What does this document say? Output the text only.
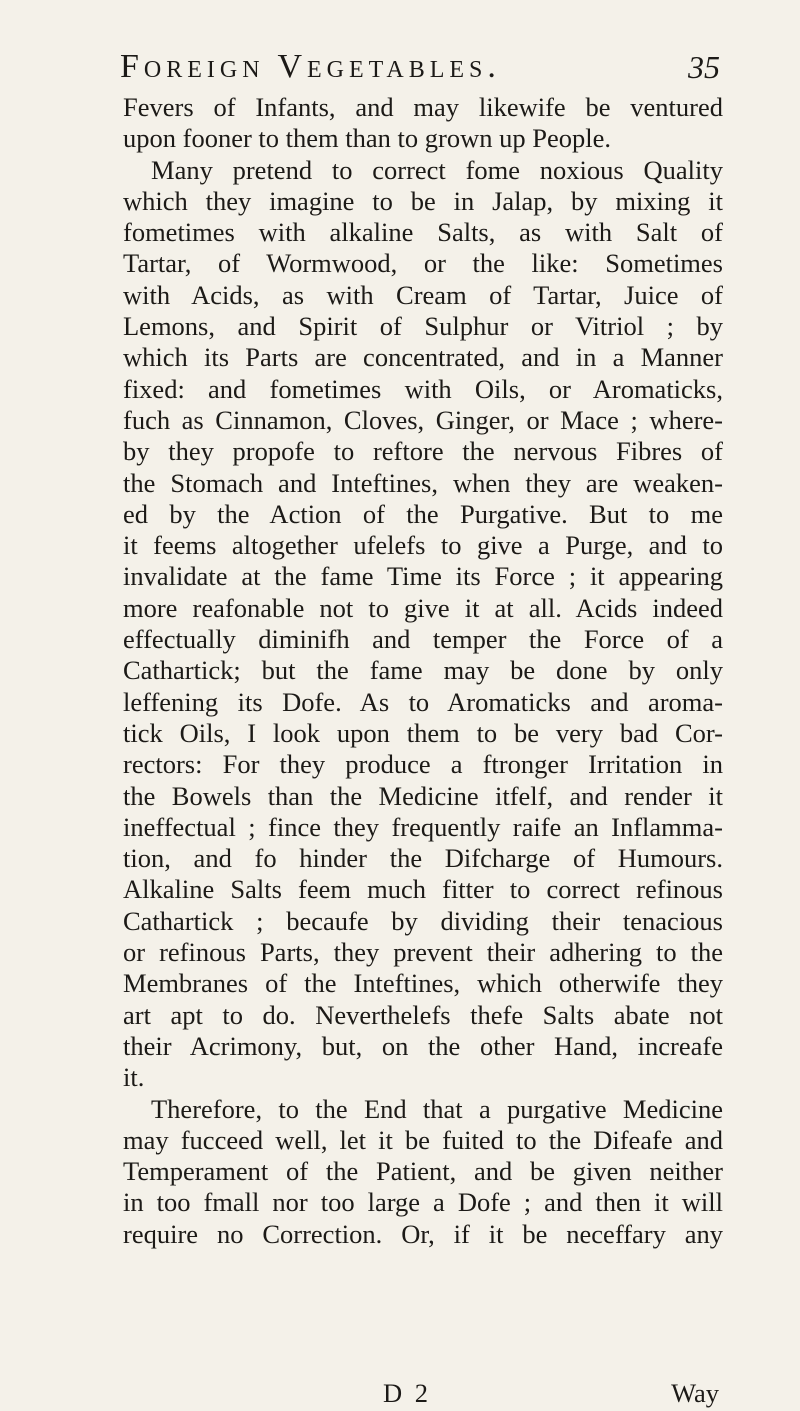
Foreign Vegetables.	35
Fevers of Infants, and may likewife be ventured
upon fooner to them than to grown up People.
Many pretend to correct fome noxious Quality
which they imagine to be in Jalap, by mixing it
fometimes with alkaline Salts, as with Salt of
Tartar, of Wormwood, or the like: Sometimes
with Acids, as with Cream of Tartar, Juice of
Lemons, and Spirit of Sulphur or Vitriol ; by
which its Parts are concentrated, and in a Manner
fixed: and fometimes with Oils, or Aromaticks,
fuch as Cinnamon, Cloves, Ginger, or Mace ; where-
by they propofe to reftore the nervous Fibres of
the Stomach and Inteftines, when they are weaken-
ed by the Action of the Purgative. But to me
it feems altogether ufelefs to give a Purge, and to
invalidate at the fame Time its Force ; it appearing
more reafonable not to give it at all. Acids indeed
effectually diminifh and temper the Force of a
Cathartick; but the fame may be done by only
leffening its Dofe. As to Aromaticks and aroma-
tick Oils, I look upon them to be very bad Cor-
rectors: For they produce a ftronger Irritation in
the Bowels than the Medicine itfelf, and render it
ineffectual ; fince they frequently raife an Inflamma-
tion, and fo hinder the Difcharge of Humours.
Alkaline Salts feem much fitter to correct refinous
Cathartick ; becaufe by dividing their tenacious
or refinous Parts, they prevent their adhering to the
Membranes of the Inteftines, which otherwife they
art apt to do. Neverthelefs thefe Salts abate not
their Acrimony, but, on the other Hand, increafe
it.
Therefore, to the End that a purgative Medicine
may fucceed well, let it be fuited to the Difeafe and
Temperament of the Patient, and be given neither
in too fmall nor too large a Dofe ; and then it will
require no Correction. Or, if it be neceffary any
D 2	Way
